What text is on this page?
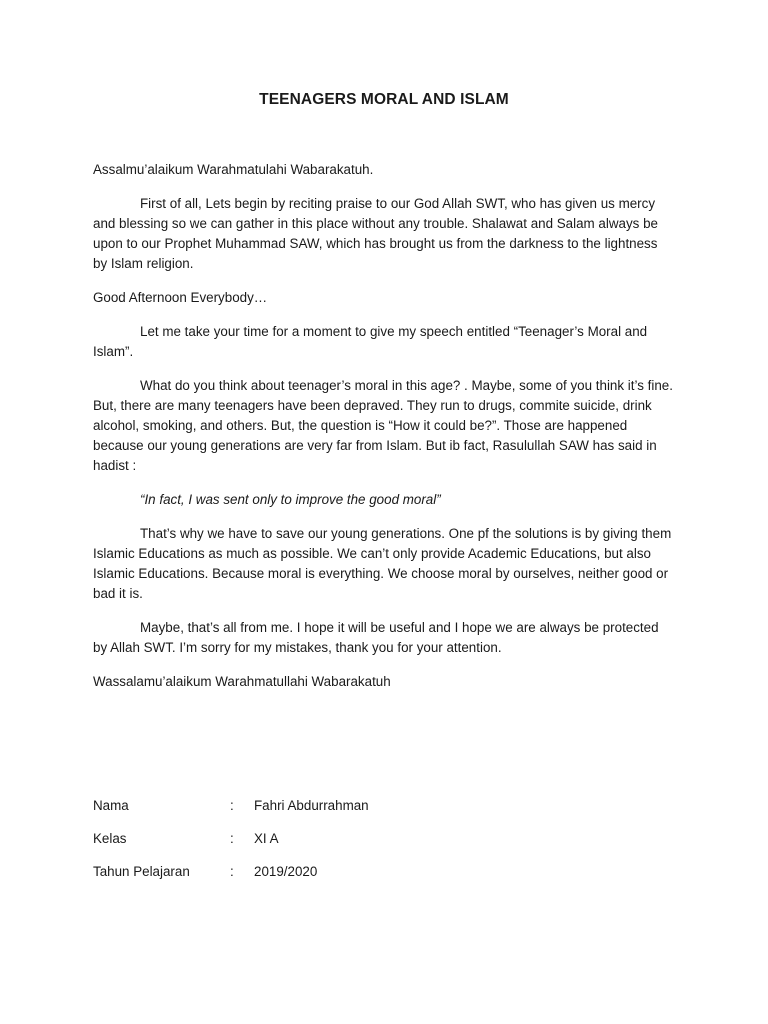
TEENAGERS MORAL AND ISLAM

Assalmu’alaikum Warahmatulahi Wabarakatuh.

First of all, Lets begin by reciting praise to our God Allah SWT, who has given us mercy and blessing so we can gather in this place without any trouble. Shalawat and Salam always be upon to our Prophet Muhammad SAW, which has brought us from the darkness to the lightness by Islam religion.

Good Afternoon Everybody…

Let me take your time for a moment to give my speech entitled “Teenager’s Moral and Islam”.

What do you think about teenager’s moral in this age? . Maybe, some of you think it’s fine. But, there are many teenagers have been depraved. They run to drugs, commite suicide, drink alcohol, smoking, and others. But, the question is “How it could be?”. Those are happened because our young generations are very far from Islam. But ib fact, Rasulullah SAW has said in hadist :

“In fact, I was sent only to improve the good moral”

That’s why we have to save our young generations. One pf the solutions is by giving them Islamic Educations as much as possible. We can’t only provide Academic Educations, but also Islamic Educations. Because moral is everything. We choose moral by ourselves, neither good or bad it is.

Maybe, that’s all from me. I hope it will be useful and I hope we are always be protected by Allah SWT. I’m sorry for my mistakes, thank you for your attention.

Wassalamu’alaikum Warahmatullahi Wabarakatuh

Nama	: Fahri Abdurrahman
Kelas	: XI A
Tahun Pelajaran	: 2019/2020
